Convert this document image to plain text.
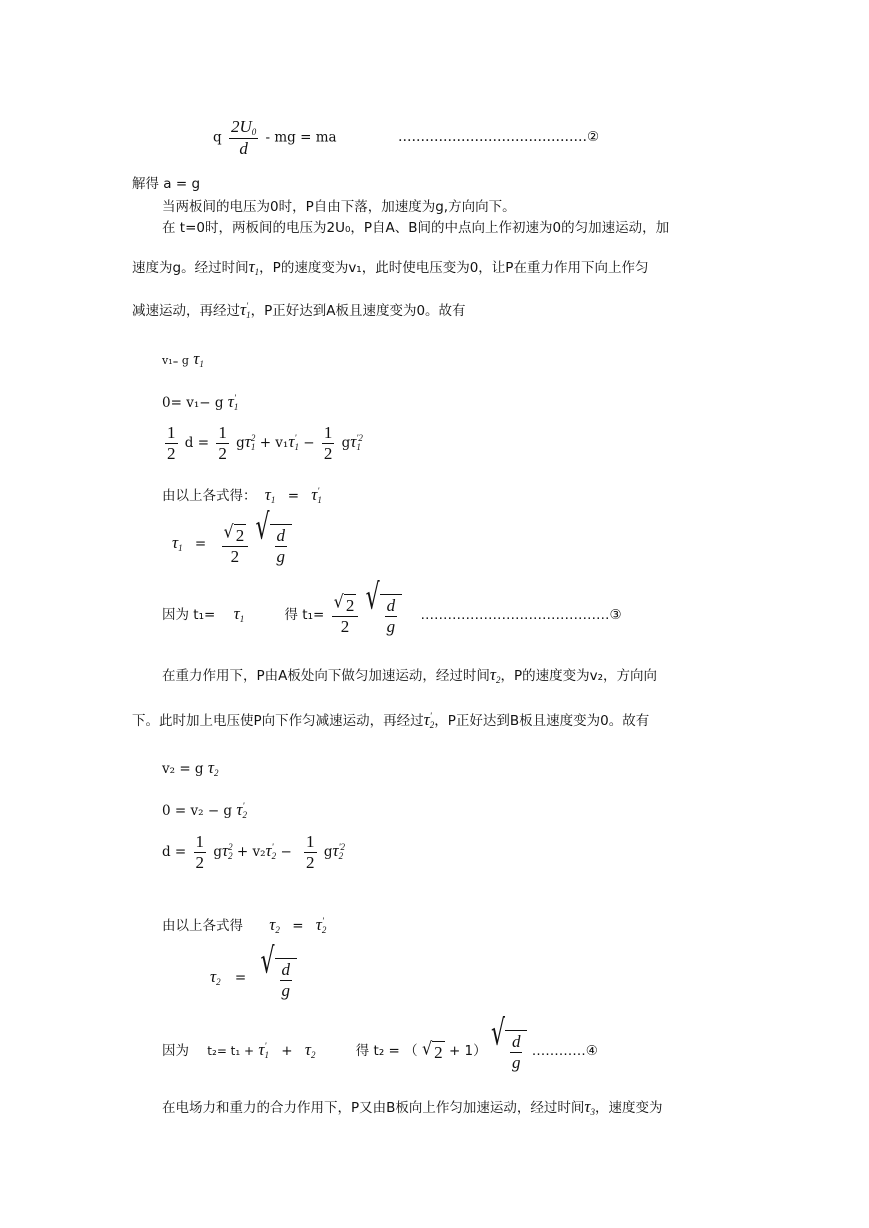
q $\frac{2U_0}{d}$ - mg = ma	……………………………………②
解得 a = g
当两板间的电压为0时，P自由下落，加速度为g,方向向下。
在 t=0时，两板间的电压为2U₀，P自A、B间的中点向上作初速为0的匀加速运动，加
速度为g。经过时间$\tau_1$，P的速度变为v₁，此时使电压变为0，让P在重力作用下向上作匀
减速运动，再经过τ '
1 ，P正好达到A板且速度变为0。故有
v₁₌ g $\tau_1$
0= v₁− g τ '
1
$\frac{1}{2}$ $d = \frac{1}{2}$ gτ 2
1 + v₁τ '
$1 - \frac{1}{2}$ gτ '2
1
由以上各式得： $\tau_1 = \tau$ '
1
$\tau_1 = \frac{√ 2}{2}$
√ $\frac{d}{g}$
因为 $t_1= \tau_1$	得 $t_1= \frac{√ 2}{2}$
√ $\frac{d}{g}$ ……………………………………③
在重力作用下，P由A板处向下做匀加速运动，经过时间$\tau_2$，P的速度变为v₂，方向向
下。此时加上电压使P向下作匀减速运动，再经过τ '
2 ，P正好达到B板且速度变为0。故有
v₂ = g $\tau_2$
0 = v₂ − g τ '
2
$d = \frac{1}{2}$ gτ 2
2 + v₂τ '
$2 - \frac{1}{2}$ gτ '2
2
由以上各式得 $\tau_2 = \tau$ '
2
$\tau_2$ = √ $\frac{d}{g}$
因为 t₂= t₁ + τ '
$1 + \tau_2$	得 t₂ = （ √ 2 + 1） √ $\frac{d}{g}$ …………④
在电场力和重力的合力作用下，P又由B板向上作匀加速运动，经过时间$\tau_3$，速度变为
